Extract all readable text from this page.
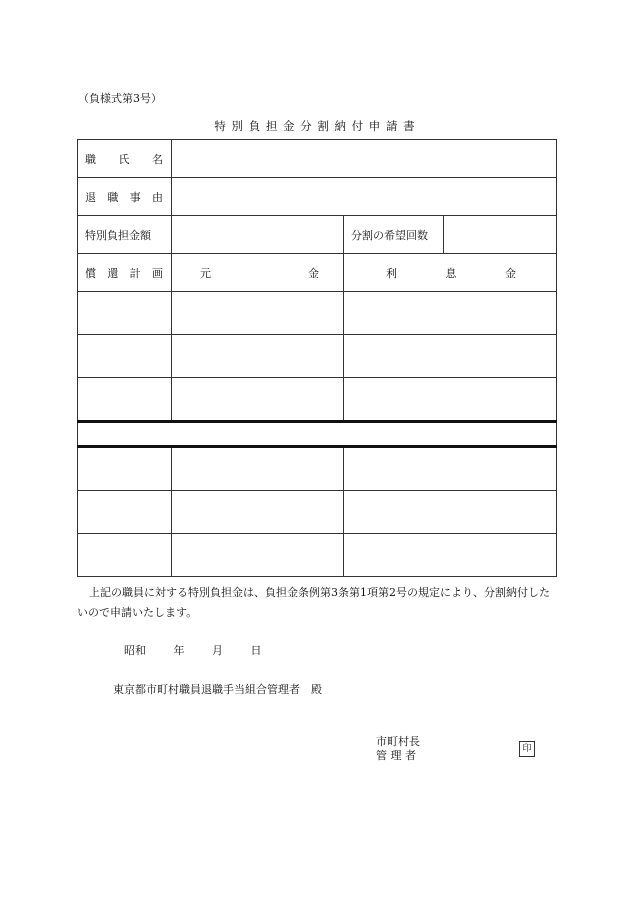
（負様式第3号）
特 別 負 担 金 分 割 納 付 申 請 書
職 氏 名			

退 職 事 由			

特別負担金額		分割の希望回数	

償 還 計 画	元 金	利 息 金	

上記の職員に対する特別負担金は、負担金条例第3条第1項第2号の規定により、分割納付したいので申請いたします。
昭和	年	月	日
東京都市町村職員退職手当組合管理者　殿
市町村長
管 理 者	印
